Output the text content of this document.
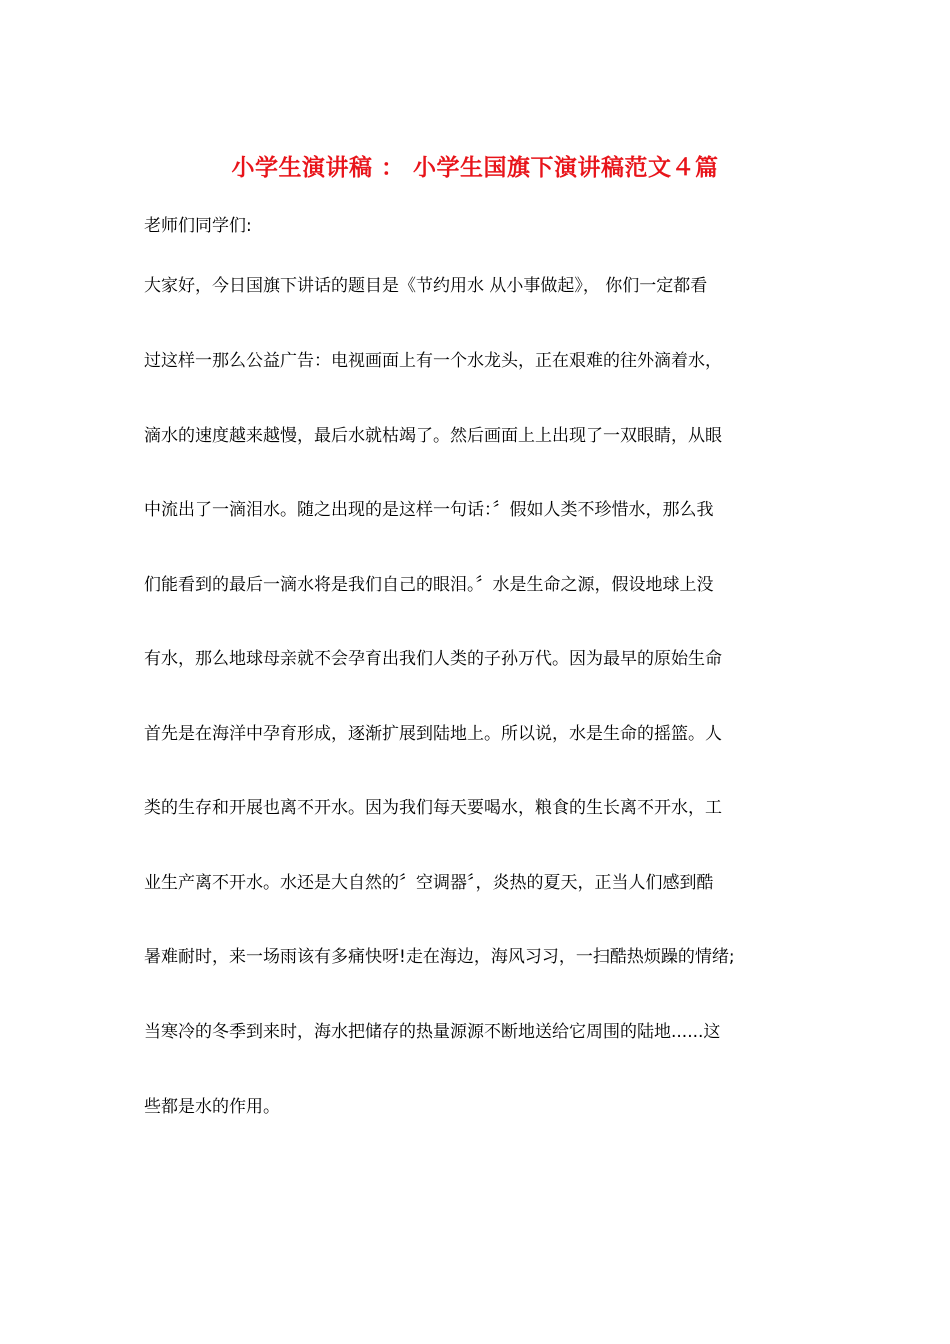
小学生演讲稿 ： 小学生国旗下演讲稿范文４篇
老师们同学们:
大家好，今日国旗下讲话的题目是《节约用水 从小事做起》， 你们一定都看
过这样一那么公益广告：电视画面上有一个水龙头，正在艰难的往外滴着水，
滴水的速度越来越慢，最后水就枯竭了。然后画面上上出现了一双眼睛，从眼
中流出了一滴泪水。随之出现的是这样一句话：〞假如人类不珍惜水，那么我
们能看到的最后一滴水将是我们自己的眼泪。〞水是生命之源，假设地球上没
有水，那么地球母亲就不会孕育出我们人类的子孙万代。因为最早的原始生命
首先是在海洋中孕育形成，逐渐扩展到陆地上。所以说，水是生命的摇篮。人
类的生存和开展也离不开水。因为我们每天要喝水，粮食的生长离不开水，工
业生产离不开水。水还是大自然的〞空调器〞，炎热的夏天，正当人们感到酷
暑难耐时，来一场雨该有多痛快呀!走在海边，海风习习，一扫酷热烦躁的情绪;
当寒冷的冬季到来时，海水把储存的热量源源不断地送给它周围的陆地......这
些都是水的作用。
